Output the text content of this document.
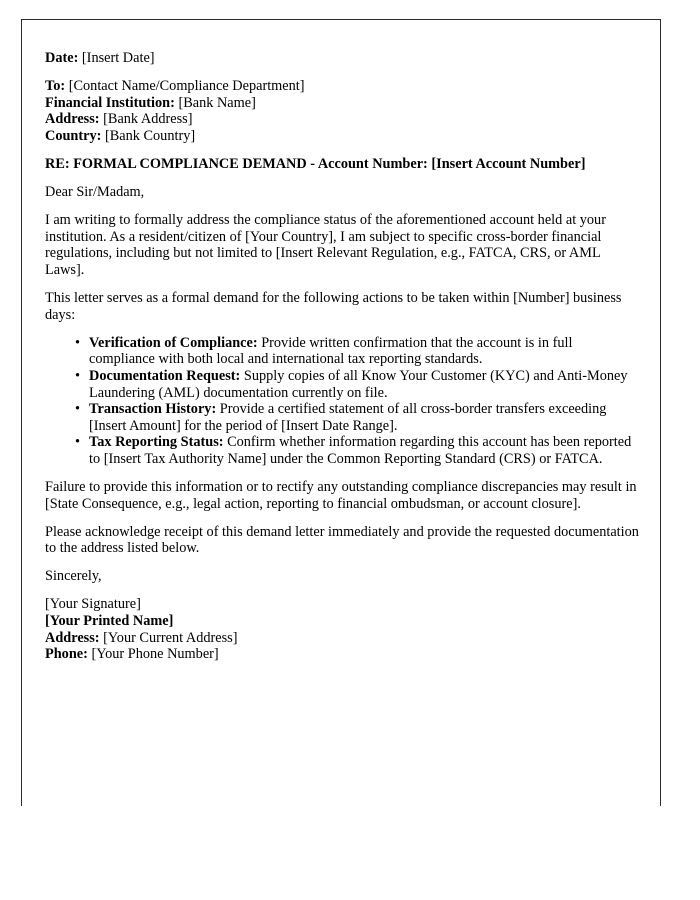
Date: [Insert Date]

To: [Contact Name/Compliance Department]

Financial Institution: [Bank Name]

Address: [Bank Address]

Country: [Bank Country]

RE: FORMAL COMPLIANCE DEMAND - Account Number: [Insert Account Number]

Dear Sir/Madam,

I am writing to formally address the compliance status of the aforementioned account held at your institution. As a resident/citizen of [Your Country], I am subject to specific cross-border financial regulations, including but not limited to [Insert Relevant Regulation, e.g., FATCA, CRS, or AML Laws].

This letter serves as a formal demand for the following actions to be taken within [Number] business days:

• Verification of Compliance: Provide written confirmation that the account is in full compliance with both local and international tax reporting standards.
• Documentation Request: Supply copies of all Know Your Customer (KYC) and Anti-Money Laundering (AML) documentation currently on file.
• Transaction History: Provide a certified statement of all cross-border transfers exceeding [Insert Amount] for the period of [Insert Date Range].
• Tax Reporting Status: Confirm whether information regarding this account has been reported to [Insert Tax Authority Name] under the Common Reporting Standard (CRS) or FATCA.

Failure to provide this information or to rectify any outstanding compliance discrepancies may result in [State Consequence, e.g., legal action, reporting to financial ombudsman, or account closure].

Please acknowledge receipt of this demand letter immediately and provide the requested documentation to the address listed below.

Sincerely,

[Your Signature]

[Your Printed Name]

Address: [Your Current Address]

Phone: [Your Phone Number]
